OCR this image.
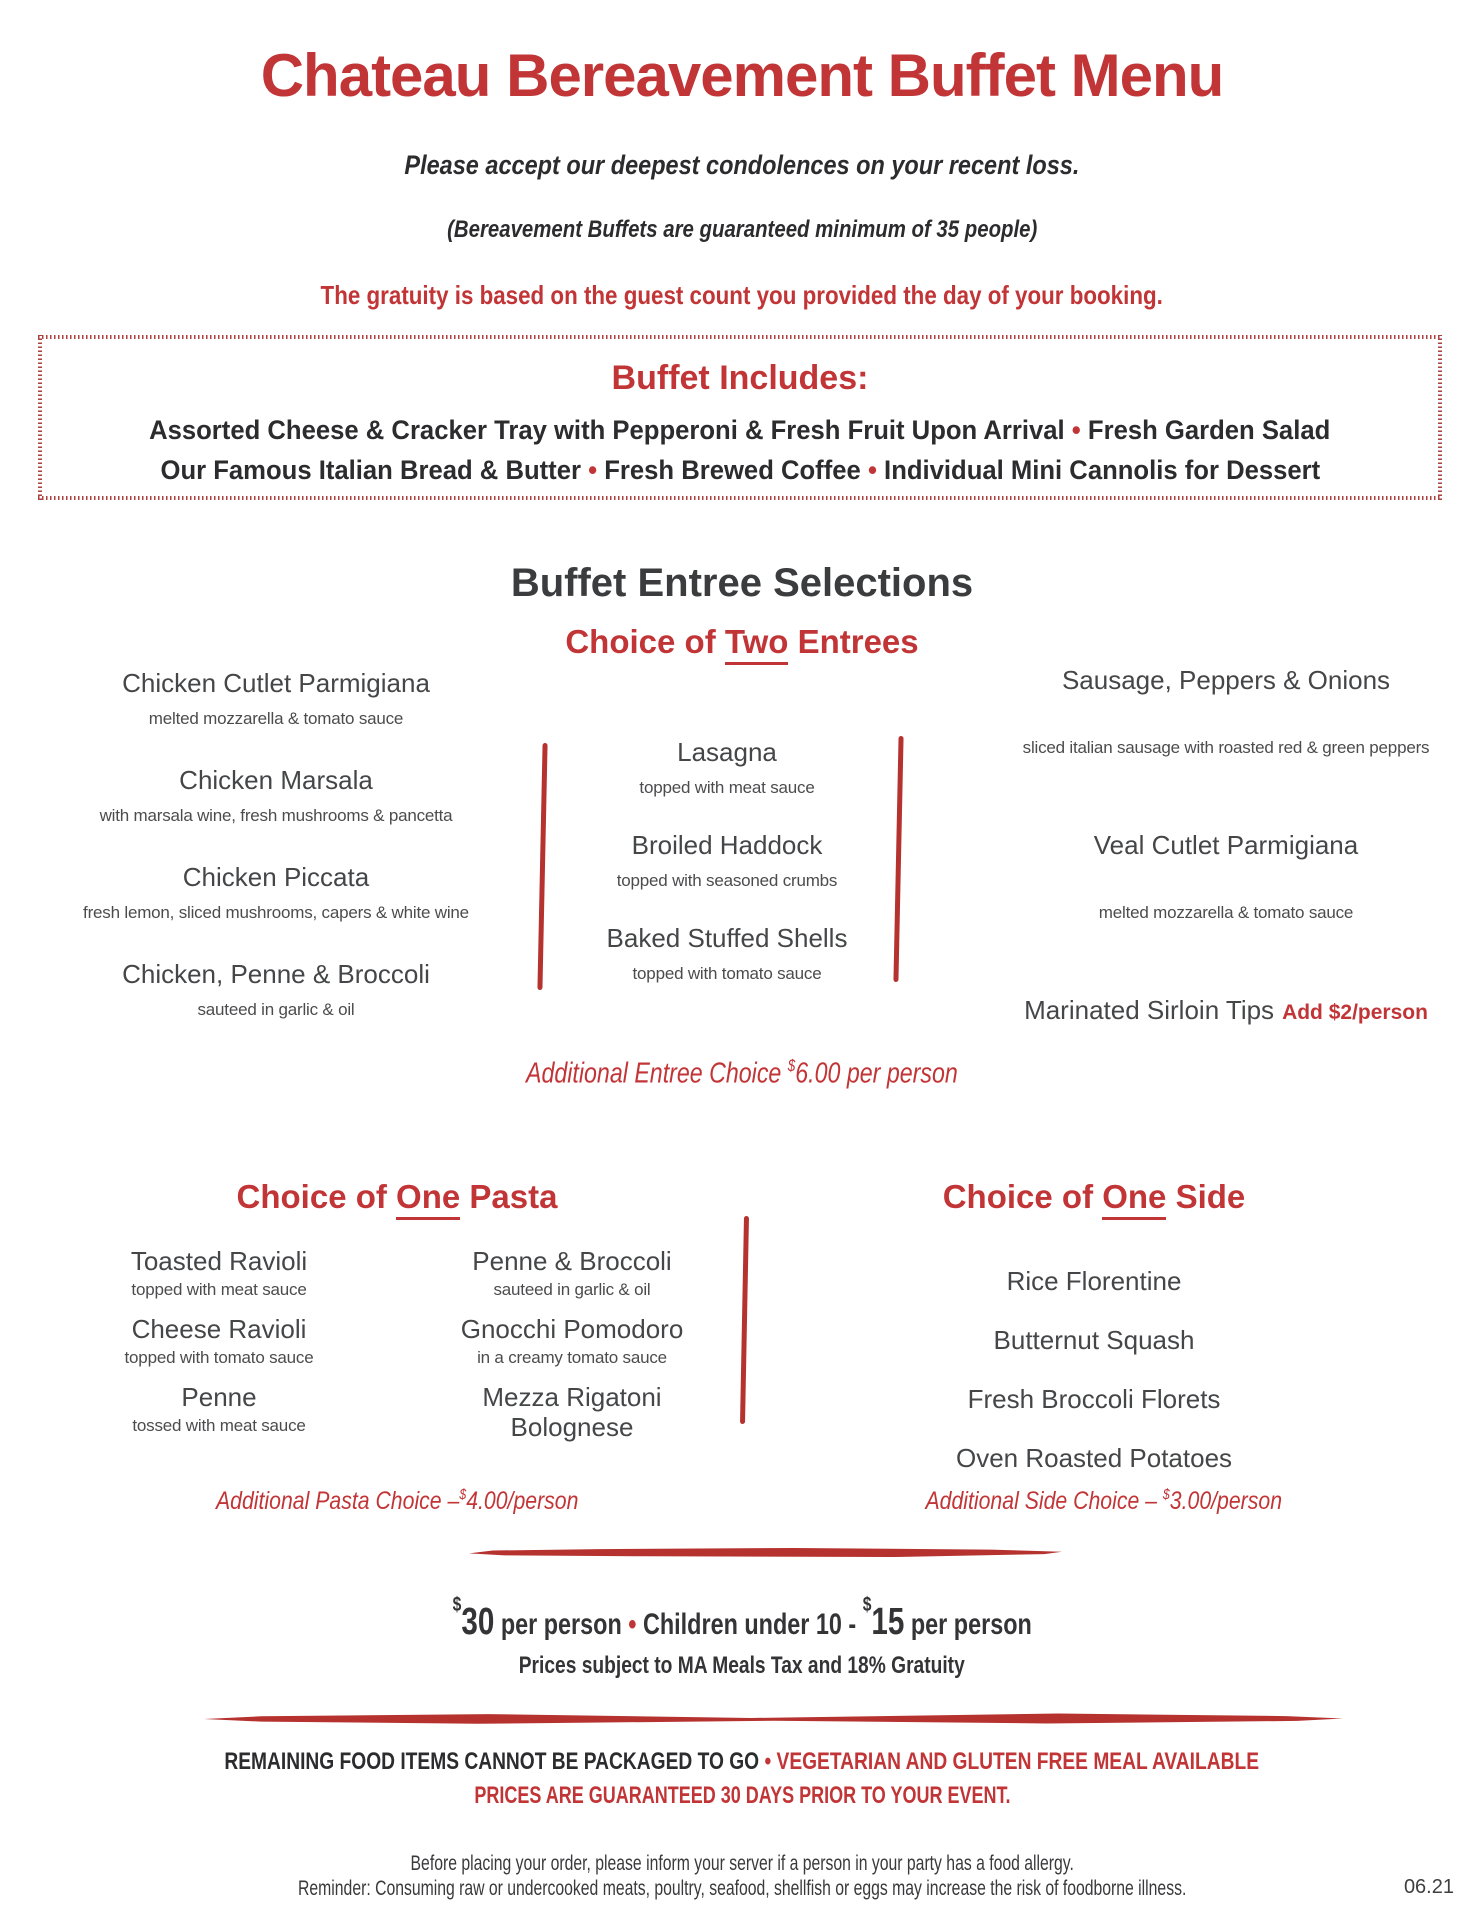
Chateau Bereavement Buffet Menu
Please accept our deepest condolences on your recent loss.
(Bereavement Buffets are guaranteed minimum of 35 people)
The gratuity is based on the guest count you provided the day of your booking.
Buffet Includes:
Assorted Cheese & Cracker Tray with Pepperoni & Fresh Fruit Upon Arrival • Fresh Garden Salad
Our Famous Italian Bread & Butter • Fresh Brewed Coffee • Individual Mini Cannolis for Dessert
Buffet Entree Selections
Choice of Two Entrees
Chicken Cutlet Parmigiana
melted mozzarella & tomato sauce
Chicken Marsala
with marsala wine, fresh mushrooms & pancetta
Chicken Piccata
fresh lemon, sliced mushrooms, capers & white wine
Chicken, Penne & Broccoli
sauteed in garlic & oil
Lasagna
topped with meat sauce
Broiled Haddock
topped with seasoned crumbs
Baked Stuffed Shells
topped with tomato sauce
Sausage, Peppers & Onions
sliced italian sausage with roasted red & green peppers
Veal Cutlet Parmigiana
melted mozzarella & tomato sauce
Marinated Sirloin Tips Add $2/person
Additional Entree Choice $6.00 per person
Choice of One Pasta	Choice of One Side
Toasted Ravioli
topped with meat sauce
Cheese Ravioli
topped with tomato sauce
Penne
tossed with meat sauce
Penne & Broccoli
sauteed in garlic & oil
Gnocchi Pomodoro
in a creamy tomato sauce
Mezza Rigatoni Bolognese
Rice Florentine
Butternut Squash
Fresh Broccoli Florets
Oven Roasted Potatoes
Additional Pasta Choice –$4.00/person	Additional Side Choice – $3.00/person
$30 per person • Children under 10 - $15 per person
Prices subject to MA Meals Tax and 18% Gratuity
REMAINING FOOD ITEMS CANNOT BE PACKAGED TO GO • VEGETARIAN AND GLUTEN FREE MEAL AVAILABLE
PRICES ARE GUARANTEED 30 DAYS PRIOR TO YOUR EVENT.
Before placing your order, please inform your server if a person in your party has a food allergy.
Reminder: Consuming raw or undercooked meats, poultry, seafood, shellfish or eggs may increase the risk of foodborne illness.	06.21
